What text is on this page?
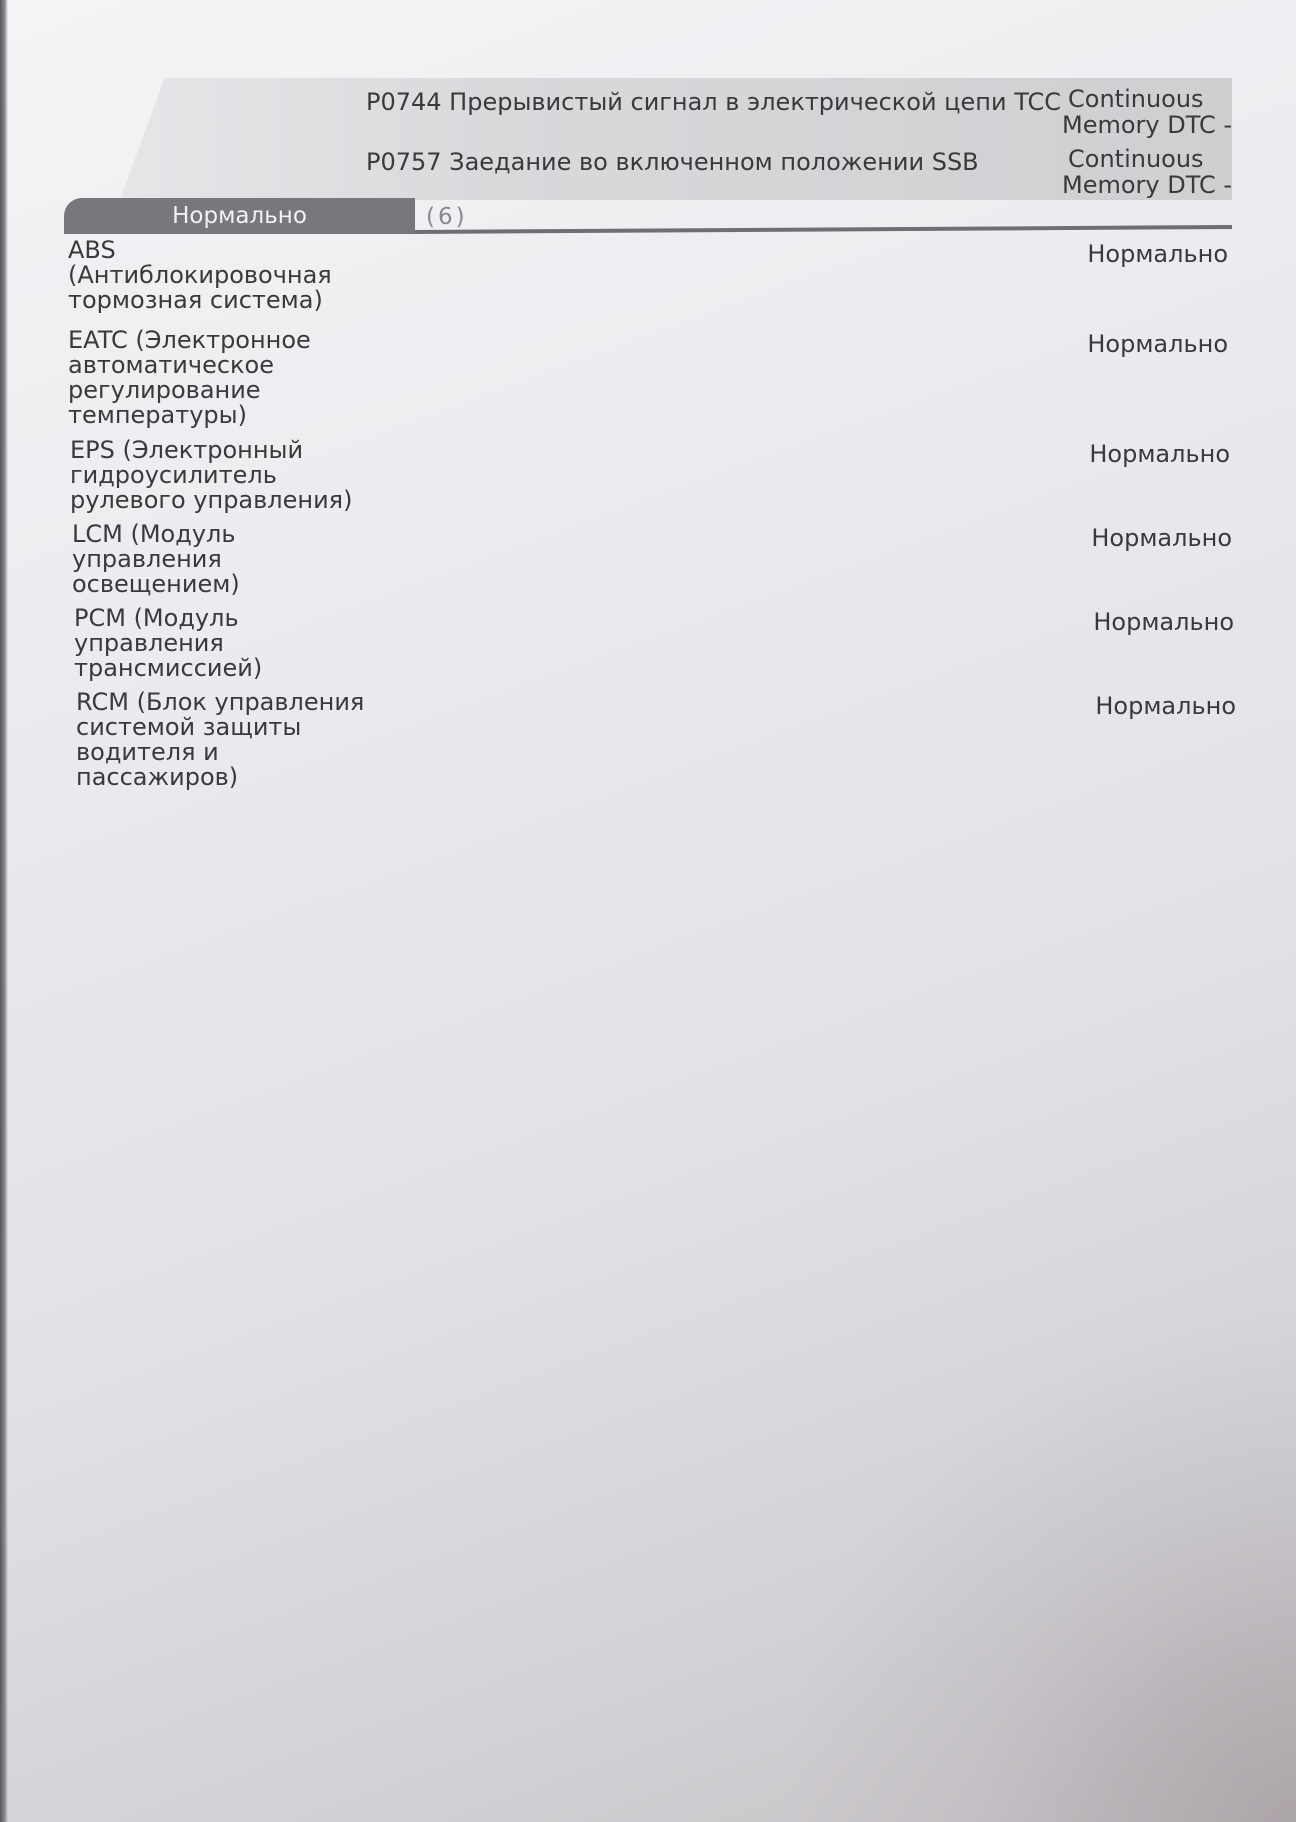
P0744 Прерывистый сигнал в электрической цепи TCC Continuous
Memory DTC -
P0757 Заедание во включенном положении SSB	Continuous
Memory DTC -
Нормально	(6)
ABS (Антиблокировочная тормозная система)
Нормально
EATC (Электронное автоматическое регулирование температуры)
Нормально
EPS (Электронный гидроусилитель рулевого управления)
Нормально
LCM (Модуль управления освещением)
Нормально
PCM (Модуль управления трансмиссией)
Нормально
RCM (Блок управления системой защиты водителя и пассажиров)
Нормально
